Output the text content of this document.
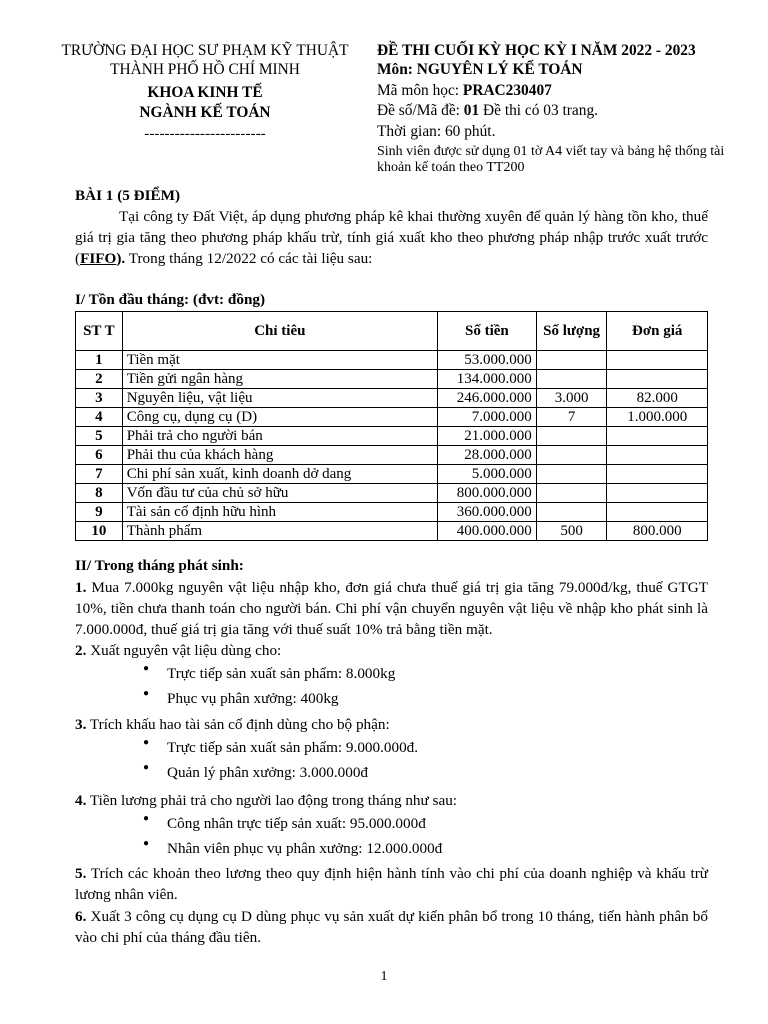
TRƯỜNG ĐẠI HỌC SƯ PHẠM KỸ THUẬT
THÀNH PHỐ HỒ CHÍ MINH
KHOA KINH TẾ
NGÀNH KẾ TOÁN
------------------------
ĐỀ THI CUỐI KỲ HỌC KỲ I NĂM 2022 - 2023
Môn: NGUYÊN LÝ KẾ TOÁN
Mã môn học: PRAC230407
Đề số/Mã đề: 01 Đề thi có 03 trang.
Thời gian: 60 phút.
Sinh viên được sử dụng 01 tờ A4 viết tay và bảng hệ thống tài khoản kế toán theo TT200
BÀI 1 (5 ĐIỂM)
Tại công ty Đất Việt, áp dụng phương pháp kê khai thường xuyên để quản lý hàng tồn kho, thuế giá trị gia tăng theo phương pháp khấu trừ, tính giá xuất kho theo phương pháp nhập trước xuất trước (FIFO). Trong tháng 12/2022 có các tài liệu sau:
I/ Tồn đầu tháng: (đvt: đồng)
ST T	Chỉ tiêu	Số tiền	Số lượng	Đơn giá
1	Tiền mặt	53.000.000		
2	Tiền gửi ngân hàng	134.000.000		
3	Nguyên liệu, vật liệu	246.000.000	3.000	82.000
4	Công cụ, dụng cụ (D)	7.000.000	7	1.000.000
5	Phải trả cho người bán	21.000.000		
6	Phải thu của khách hàng	28.000.000		
7	Chi phí sản xuất, kinh doanh dở dang	5.000.000		
8	Vốn đầu tư của chủ sở hữu	800.000.000		
9	Tài sản cố định hữu hình	360.000.000		
10	Thành phẩm	400.000.000	500	800.000
II/ Trong tháng phát sinh:
1. Mua 7.000kg nguyên vật liệu nhập kho, đơn giá chưa thuế giá trị gia tăng 79.000đ/kg, thuế GTGT 10%, tiền chưa thanh toán cho người bán. Chi phí vận chuyển nguyên vật liệu về nhập kho phát sinh là 7.000.000đ, thuế giá trị gia tăng với thuế suất 10% trả bằng tiền mặt.
2. Xuất nguyên vật liệu dùng cho:
● Trực tiếp sản xuất sản phẩm: 8.000kg
● Phục vụ phân xưởng: 400kg
3. Trích khấu hao tài sản cố định dùng cho bộ phận:
● Trực tiếp sản xuất sản phẩm: 9.000.000đ.
● Quản lý phân xưởng: 3.000.000đ
4. Tiền lương phải trả cho người lao động trong tháng như sau:
● Công nhân trực tiếp sản xuất: 95.000.000đ
● Nhân viên phục vụ phân xưởng: 12.000.000đ
5. Trích các khoản theo lương theo quy định hiện hành tính vào chi phí của doanh nghiệp và khấu trừ lương nhân viên.
6. Xuất 3 công cụ dụng cụ D dùng phục vụ sản xuất dự kiến phân bổ trong 10 tháng, tiến hành phân bổ vào chi phí của tháng đầu tiên.
1
